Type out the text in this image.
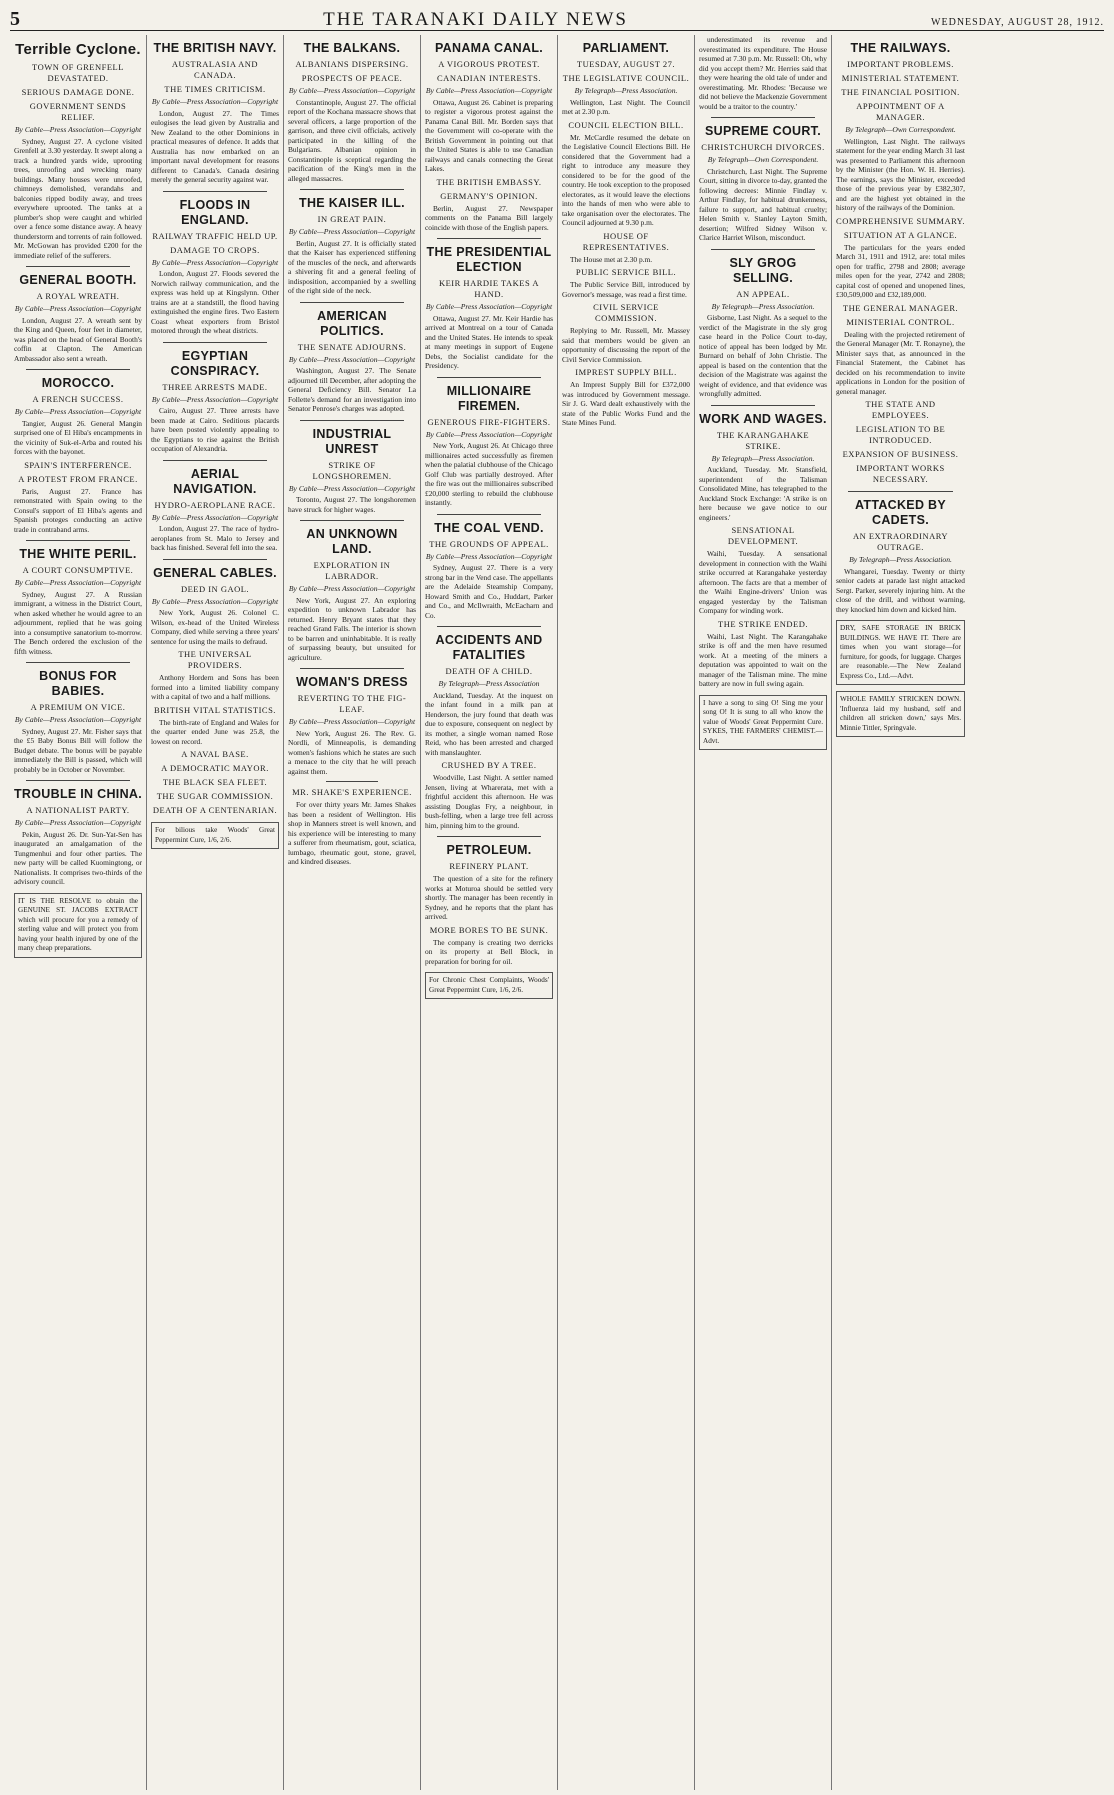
5	THE TARANAKI DAILY NEWS	WEDNESDAY, AUGUST 28, 1912.
Terrible Cyclone.
TOWN OF GRENFELL DEVASTATED.
SERIOUS DAMAGE DONE.
GOVERNMENT SENDS RELIEF.
By Cable—Press Association—Copyright

Sydney, August 27. A cyclone visited Grenfell at 3.30 yesterday. It swept along a track a hundred yards wide, uprooting trees, unroofing and wrecking many buildings. Many houses were unroofed, chimneys demolished, verandahs and balconies ripped bodily away, and trees everywhere uprooted. The tanks at a plumber's shop were caught and whirled over a fence some distance away. A heavy thunderstorm and torrents of rain followed. Mr. McGowan has provided £200 for the immediate relief of the sufferers.

GENERAL BOOTH.
A ROYAL WREATH.
By Cable—Press Association—Copyright

London, August 27. A wreath sent by the King and Queen, four feet in diameter, was placed on the head of General Booth's coffin at Clapton. The American Ambassador also sent a wreath.

MOROCCO.
A FRENCH SUCCESS.
By Cable—Press Association—Copyright

Tangier, August 26. General Mangin surprised one of El Hiba's encampments in the vicinity of Suk-el-Arba and routed his forces with the bayonet.

SPAIN'S INTERFERENCE.
A PROTEST FROM FRANCE.

Paris, August 27. France has remonstrated with Spain owing to the Consul's support of El Hiba's agents and Spanish proteges conducting an active trade in contraband arms.

THE WHITE PERIL.
A COURT CONSUMPTIVE.
By Cable—Press Association—Copyright

Sydney, August 27. A Russian immigrant, a witness in the District Court, when asked whether he would agree to an adjournment, replied that he was going into a consumptive sanatorium to-morrow. The Bench ordered the exclusion of the fifth witness.

BONUS FOR BABIES.
A PREMIUM ON VICE.
By Cable—Press Association—Copyright

Sydney, August 27. Mr. Fisher says that the £5 Baby Bonus Bill will follow the Budget debate. The bonus will be payable immediately the Bill is passed, which will probably be in October or November.

TROUBLE IN CHINA.
A NATIONALIST PARTY.
By Cable—Press Association—Copyright

Pekin, August 26. Dr. Sun-Yat-Sen has inaugurated an amalgamation of the Tungmenhui and four other parties. The new party will be called Kuomingtong, or Nationalists. It comprises two-thirds of the advisory council.

IT IS THE RESOLVE to obtain the GENUINE ST. JACOBS EXTRACT which will procure for you a remedy of sterling value and will protect you from having your health injured by one of the many cheap preparations.
THE BRITISH NAVY.
AUSTRALASIA AND CANADA.
THE TIMES CRITICISM.
By Cable—Press Association—Copyright

London, August 27. The Times eulogises the lead given by Australia and New Zealand to the other Dominions in practical measures of defence. It adds that Australia has now embarked on an important naval development for reasons different to Canada's. Canada desiring merely the general security against war.

FLOODS IN ENGLAND.
RAILWAY TRAFFIC HELD UP.
DAMAGE TO CROPS.
By Cable—Press Association—Copyright

London, August 27. Floods severed the Norwich railway communication, and the express was held up at Kingslynn. Other trains are at a standstill, the flood having extinguished the engine fires. Two Eastern Coast wheat exporters from Bristol motored through the wheat districts.

EGYPTIAN CONSPIRACY.
THREE ARRESTS MADE.
By Cable—Press Association—Copyright

Cairo, August 27. Three arrests have been made at Cairo. Seditious placards have been posted violently appealing to the Egyptians to rise against the British occupation of Alexandria.

AERIAL NAVIGATION.
HYDRO-AEROPLANE RACE.
By Cable—Press Association—Copyright

London, August 27. The race of hydro-aeroplanes from St. Malo to Jersey and back has finished. Several fell into the sea.

GENERAL CABLES.
DEED IN GAOL.
By Cable—Press Association—Copyright

New York, August 26. Colonel C. Wilson, ex-head of the United Wireless Company, died while serving a three years' sentence for using the mails to defraud.

THE UNIVERSAL PROVIDERS.

Anthony Hordern and Sons has been formed into a limited liability company with a capital of two and a half millions.

BRITISH VITAL STATISTICS.

The birth-rate of England and Wales for the quarter ended June was 25.8, the lowest on record.

A NAVAL BASE.
A DEMOCRATIC MAYOR.
THE BLACK SEA FLEET.
THE SUGAR COMMISSION.
DEATH OF A CENTENARIAN.
For bilious take Woods' Great Peppermint Cure, 1/6, 2/6.
THE BALKANS.
ALBANIANS DISPERSING.
PROSPECTS OF PEACE.
By Cable—Press Association—Copyright

Constantinople, August 27. The official report of the Kochana massacre shows that several officers, a large proportion of the garrison, and three civil officials, actively participated in the killing of the Bulgarians. Albanian opinion in Constantinople is sceptical regarding the pacification of the King's men in the alleged massacres.

THE KAISER ILL.
IN GREAT PAIN.
By Cable—Press Association—Copyright

Berlin, August 27. It is officially stated that the Kaiser has experienced stiffening of the muscles of the neck, and afterwards a shivering fit and a general feeling of indisposition, accompanied by a swelling of the right side of the neck.

AMERICAN POLITICS.
THE SENATE ADJOURNS.
By Cable—Press Association—Copyright

Washington, August 27. The Senate adjourned till December, after adopting the General Deficiency Bill. Senator La Follette's demand for an investigation into Senator Penrose's charges was adopted.

INDUSTRIAL UNREST
STRIKE OF LONGSHOREMEN.
By Cable—Press Association—Copyright

Toronto, August 27. The longshoremen have struck for higher wages.

AN UNKNOWN LAND.
EXPLORATION IN LABRADOR.
By Cable—Press Association—Copyright

New York, August 27. An exploring expedition to unknown Labrador has returned. Henry Bryant states that they reached Grand Falls. The interior is shown to be barren and uninhabitable. It is really of surpassing beauty, but unsuited for agriculture.

WOMAN'S DRESS
REVERTING TO THE FIG-LEAF.
By Cable—Press Association—Copyright

New York, August 26. The Rev. G. Nordli, of Minneapolis, is demanding women's fashions which he states are such a menace to the city that he will preach against them.

MR. SHAKE'S EXPERIENCE.

For over thirty years Mr. James Shakes has been a resident of Wellington. His shop in Manners street is well known, and his experience will be interesting to many a sufferer from rheumatism, gout, sciatica, lumbago, rheumatic gout, stone, gravel, and kindred diseases.

PANAMA CANAL.
A VIGOROUS PROTEST.
CANADIAN INTERESTS.
By Cable—Press Association—Copyright

Ottawa, August 26. Cabinet is preparing to register a vigorous protest against the Panama Canal Bill. Mr. Borden says that the Government will co-operate with the British Government in pointing out that the United States is able to use Canadian railways and canals connecting the Great Lakes.

THE BRITISH EMBASSY.
GERMANY'S OPINION.

Berlin, August 27. Newspaper comments on the Panama Bill largely coincide with those of the English papers.

THE PRESIDENTIAL ELECTION
KEIR HARDIE TAKES A HAND.
By Cable—Press Association—Copyright

Ottawa, August 27. Mr. Keir Hardie has arrived at Montreal on a tour of Canada and the United States. He intends to speak at many meetings in support of Eugene Debs, the Socialist candidate for the Presidency.

MILLIONAIRE FIREMEN.
GENEROUS FIRE-FIGHTERS.
By Cable—Press Association—Copyright

New York, August 26. At Chicago three millionaires acted successfully as firemen when the palatial clubhouse of the Chicago Golf Club was partially destroyed. After the fire was out the millionaires subscribed £20,000 sterling to rebuild the clubhouse instantly.

THE COAL VEND.
THE GROUNDS OF APPEAL.
By Cable—Press Association—Copyright

Sydney, August 27. There is a very strong bar in the Vend case. The appellants are the Adelaide Steamship Company, Howard Smith and Co., Huddart, Parker and Co., and McIlwraith, McEacharn and Co.

ACCIDENTS AND FATALITIES
DEATH OF A CHILD.
By Telegraph—Press Association

Auckland, Tuesday. At the inquest on the infant found in a milk pan at Henderson, the jury found that death was due to exposure, consequent on neglect by its mother, a single woman named Rose Reid, who has been arrested and charged with manslaughter.

CRUSHED BY A TREE.

Woodville, Last Night. A settler named Jensen, living at Wharerata, met with a frightful accident this afternoon. He was assisting Douglas Fry, a neighbour, in bush-felling, when a large tree fell across him, pinning him to the ground.

PETROLEUM.
REFINERY PLANT.

The question of a site for the refinery works at Moturoa should be settled very shortly. The manager has been recently in Sydney, and he reports that the plant has arrived.

MORE BORES TO BE SUNK.

The company is creating two derricks on its property at Bell Block, in preparation for boring for oil.

For Chronic Chest Complaints, Woods' Great Peppermint Cure, 1/6, 2/6.
PARLIAMENT.
TUESDAY, AUGUST 27.
THE LEGISLATIVE COUNCIL.
By Telegraph—Press Association.

Wellington, Last Night. The Council met at 2.30 p.m.

COUNCIL ELECTION BILL.

Mr. McCardle resumed the debate on the Legislative Council Elections Bill. He considered that the Government had a right to introduce any measure they considered to be for the good of the country. He took exception to the proposed electorates, as it would leave the elections into the hands of men who were able to take organisation over the electorates. The Council adjourned at 9.30 p.m.

HOUSE OF REPRESENTATIVES.

The House met at 2.30 p.m.

PUBLIC SERVICE BILL.

The Public Service Bill, introduced by Governor's message, was read a first time.

CIVIL SERVICE COMMISSION.

Replying to Mr. Russell, Mr. Massey said that members would be given an opportunity of discussing the report of the Civil Service Commission.

IMPREST SUPPLY BILL.

An Imprest Supply Bill for £372,000 was introduced by Government message. Sir J. G. Ward dealt exhaustively with the state of the Public Works Fund and the State Mines Fund.

underestimated its revenue and overestimated its expenditure. The House resumed at 7.30 p.m. Mr. Russell: Oh, why did you accept them? Mr. Herries said that they were hearing the old tale of under and overestimating. Mr. Rhodes: 'Because we did not believe the Mackenzie Government would be a traitor to the country.'

SUPREME COURT.
CHRISTCHURCH DIVORCES.
By Telegraph—Own Correspondent.

Christchurch, Last Night. The Supreme Court, sitting in divorce to-day, granted the following decrees: Minnie Findlay v. Arthur Findlay, for habitual drunkenness, failure to support, and habitual cruelty; Helen Smith v. Stanley Layton Smith, desertion; Wilfred Sidney Wilson v. Clarice Harriet Wilson, misconduct.

SLY GROG SELLING.
AN APPEAL.
By Telegraph—Press Association.

Gisborne, Last Night. As a sequel to the verdict of the Magistrate in the sly grog case heard in the Police Court to-day, notice of appeal has been lodged by Mr. Burnard on behalf of John Christie. The appeal is based on the contention that the decision of the Magistrate was against the weight of evidence, and that evidence was wrongfully admitted.

WORK AND WAGES.
THE KARANGAHAKE STRIKE.
By Telegraph—Press Association.

Auckland, Tuesday. Mr. Stansfield, superintendent of the Talisman Consolidated Mine, has telegraphed to the Auckland Stock Exchange: 'A strike is on here because we gave notice to our engineers.'

SENSATIONAL DEVELOPMENT.

Waihi, Tuesday. A sensational development in connection with the Waihi strike occurred at Karangahake yesterday afternoon. The facts are that a member of the Waihi Engine-drivers' Union was engaged yesterday by the Talisman Company for winding work.

THE STRIKE ENDED.

Waihi, Last Night. The Karangahake strike is off and the men have resumed work. At a meeting of the miners a deputation was appointed to wait on the manager of the Talisman mine. The mine battery are now in full swing again.

I have a song to sing O! Sing me your song O! It is sung to all who know the value of Woods' Great Peppermint Cure. SYKES, THE FARMERS' CHEMIST.—Advt.
THE RAILWAYS.
IMPORTANT PROBLEMS.
MINISTERIAL STATEMENT.
THE FINANCIAL POSITION.
APPOINTMENT OF A MANAGER.
By Telegraph—Own Correspondent.

Wellington, Last Night. The railways statement for the year ending March 31 last was presented to Parliament this afternoon by the Minister (the Hon. W. H. Herries). The earnings, says the Minister, exceeded those of the previous year by £382,307, and are the highest yet obtained in the history of the railways of the Dominion.

COMPREHENSIVE SUMMARY.
SITUATION AT A GLANCE.

The particulars for the years ended March 31, 1911 and 1912, are: total miles open for traffic, 2798 and 2808; average miles open for the year, 2742 and 2808; capital cost of opened and unopened lines, £30,509,000 and £32,189,000.

THE GENERAL MANAGER.
MINISTERIAL CONTROL.

Dealing with the projected retirement of the General Manager (Mr. T. Ronayne), the Minister says that, as announced in the Financial Statement, the Cabinet has decided on his recommendation to invite applications in London for the position of general manager.

THE STATE AND EMPLOYEES.
LEGISLATION TO BE INTRODUCED.
EXPANSION OF BUSINESS.
IMPORTANT WORKS NECESSARY.
ATTACKED BY CADETS.
AN EXTRAORDINARY OUTRAGE.
By Telegraph—Press Association.

Whangarei, Tuesday. Twenty or thirty senior cadets at parade last night attacked Sergt. Parker, severely injuring him. At the close of the drill, and without warning, they knocked him down and kicked him.

DRY, SAFE STORAGE IN BRICK BUILDINGS. WE HAVE IT. There are times when you want storage—for furniture, for goods, for luggage. Charges are reasonable.—The New Zealand Express Co., Ltd.—Advt.
WHOLE FAMILY STRICKEN DOWN. 'Influenza laid my husband, self and children all stricken down,' says Mrs. Minnie Tittler, Springvale.
